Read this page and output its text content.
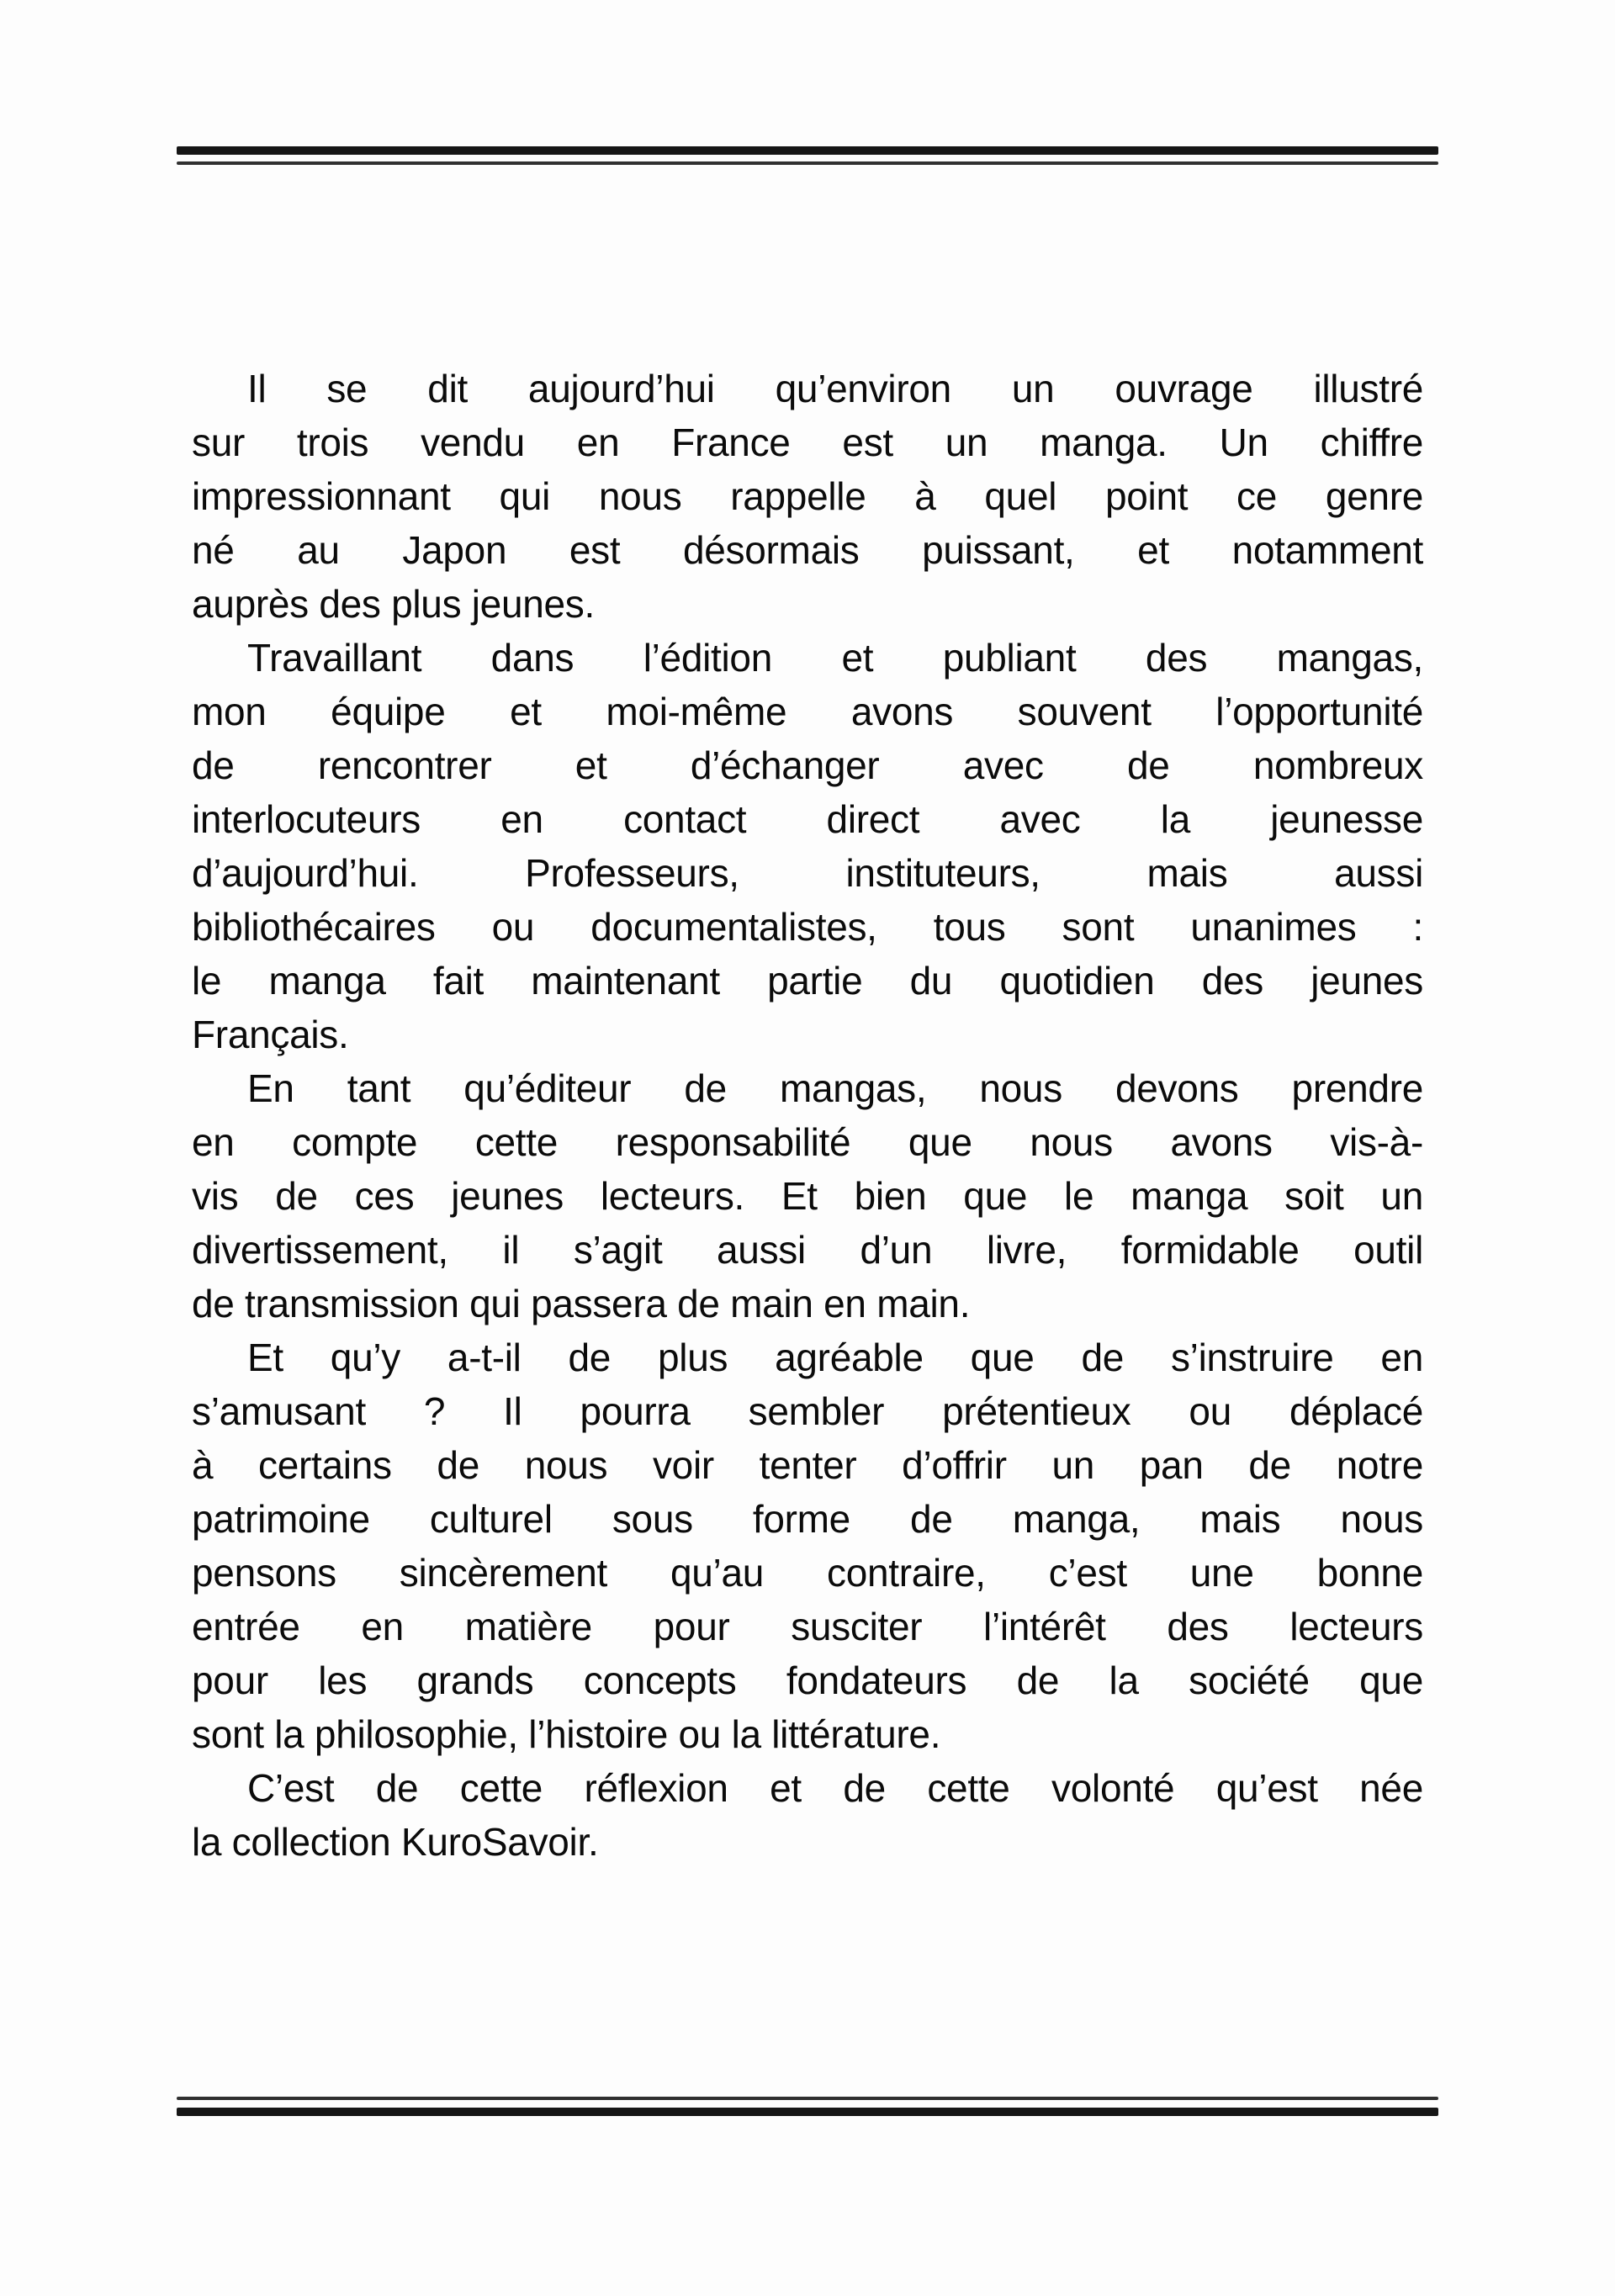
Il se dit aujourd’hui qu’environ un ouvrage illustré
sur trois vendu en France est un manga. Un chiffre
impressionnant qui nous rappelle à quel point ce genre
né au Japon est désormais puissant, et notamment
auprès des plus jeunes.
Travaillant dans l’édition et publiant des mangas,
mon équipe et moi-même avons souvent l’opportunité
de rencontrer et d’échanger avec de nombreux
interlocuteurs en contact direct avec la jeunesse
d’aujourd’hui. Professeurs, instituteurs, mais aussi
bibliothécaires ou documentalistes, tous sont unanimes :
le manga fait maintenant partie du quotidien des jeunes
Français.
En tant qu’éditeur de mangas, nous devons prendre
en compte cette responsabilité que nous avons vis-à-
vis de ces jeunes lecteurs. Et bien que le manga soit un
divertissement, il s’agit aussi d’un livre, formidable outil
de transmission qui passera de main en main.
Et qu’y a-t-il de plus agréable que de s’instruire en
s’amusant ? Il pourra sembler prétentieux ou déplacé
à certains de nous voir tenter d’offrir un pan de notre
patrimoine culturel sous forme de manga, mais nous
pensons sincèrement qu’au contraire, c’est une bonne
entrée en matière pour susciter l’intérêt des lecteurs
pour les grands concepts fondateurs de la société que
sont la philosophie, l’histoire ou la littérature.
C’est de cette réflexion et de cette volonté qu’est née
la collection KuroSavoir.
